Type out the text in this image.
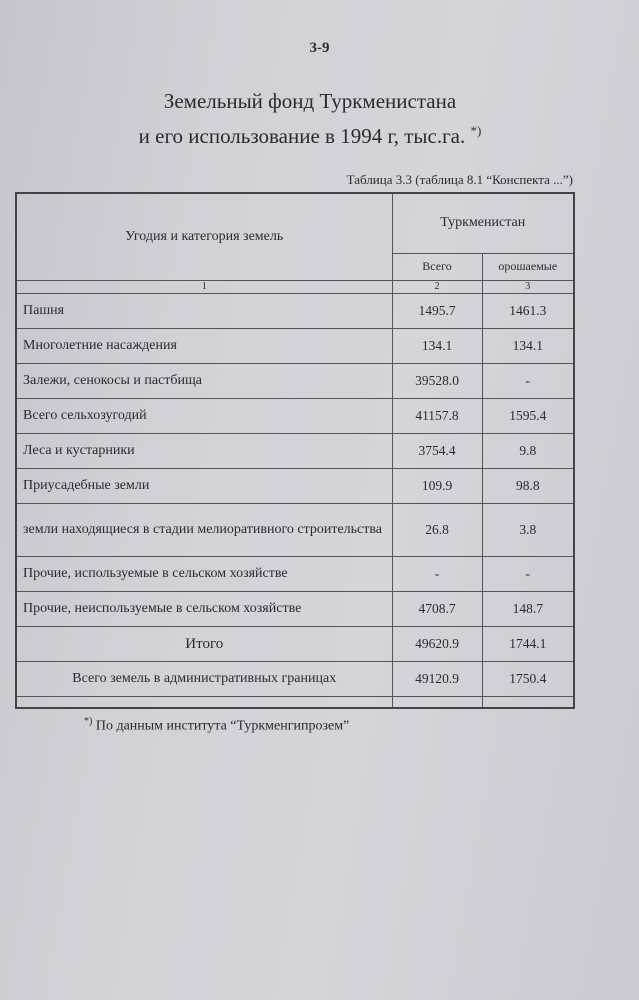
3-9
Земельный фонд Туркменистана
и его использование в 1994 г, тыс.га. *)
Таблица 3.3 (таблица 8.1 “Конспекта ...”)
Угодия и категория земель	Туркменистан	
	Всего	орошаемые
1	2	3
Пашня	1495.7	1461.3
Многолетние насаждения	134.1	134.1
Залежи, сенокосы и пастбища	39528.0	-
Всего сельхозугодий	41157.8	1595.4
Леса и кустарники	3754.4	9.8
Приусадебные земли	109.9	98.8
земли находящиеся в стадии мелиоративного строительства	26.8	3.8
Прочие, используемые в сельском хозяйстве	-	-
Прочие, неиспользуемые в сельском хозяйстве	4708.7	148.7
Итого	49620.9	1744.1
Всего земель в административных границах	49120.9	1750.4

*) По данным института “Туркменгипрозем”
